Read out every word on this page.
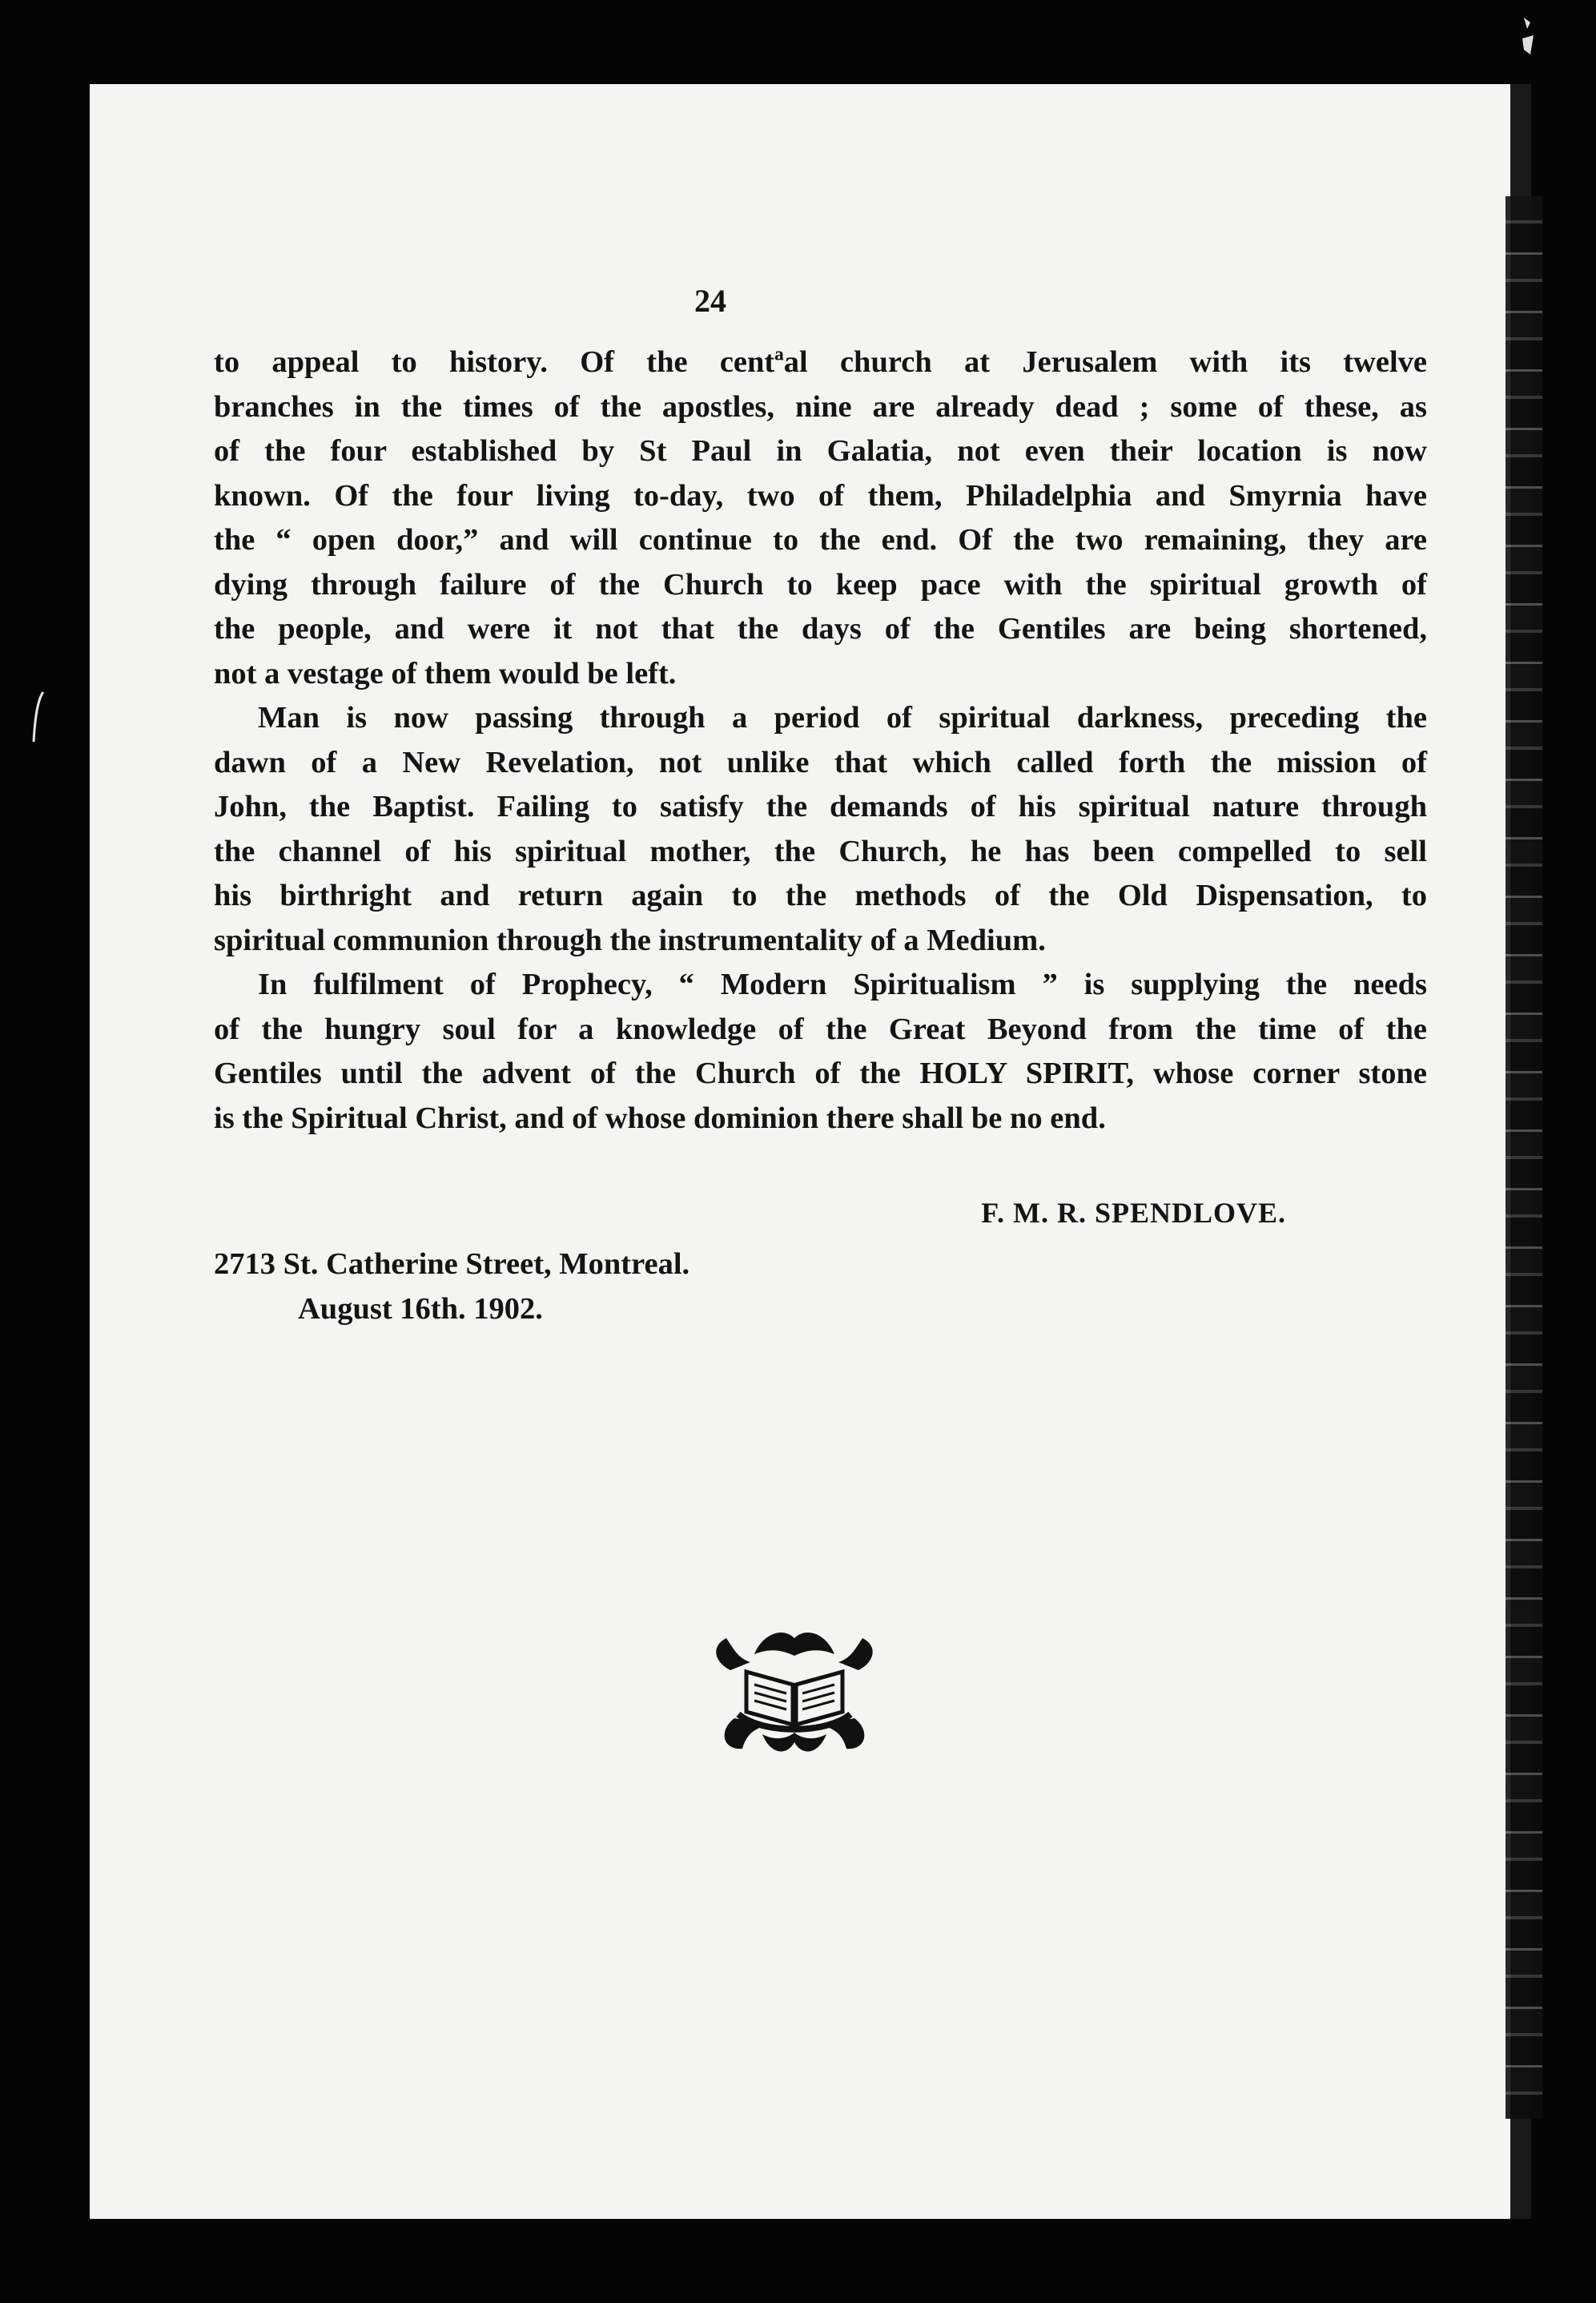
24

to appeal to history. Of the centªal church at Jerusalem with its twelve
branches in the times of the apostles, nine are already dead ; some of these, as
of the four established by St Paul in Galatia, not even their location is now
known. Of the four living to-day, two of them, Philadelphia and Smyrnia have
the “ open door,” and will continue to the end. Of the two remaining, they are
dying through failure of the Church to keep pace with the spiritual growth of
the people, and were it not that the days of the Gentiles are being shortened,
not a vestage of them would be left.

Man is now passing through a period of spiritual darkness, preceding the
dawn of a New Revelation, not unlike that which called forth the mission of
John, the Baptist. Failing to satisfy the demands of his spiritual nature through
the channel of his spiritual mother, the Church, he has been compelled to sell
his birthright and return again to the methods of the Old Dispensation, to
spiritual communion through the instrumentality of a Medium.

In fulfilment of Prophecy, “ Modern Spiritualism ” is supplying the needs
of the hungry soul for a knowledge of the Great Beyond from the time of the
Gentiles until the advent of the Church of the HOLY SPIRIT, whose corner stone
is the Spiritual Christ, and of whose dominion there shall be no end.

F. M. R. SPENDLOVE.
2713 St. Catherine Street, Montreal.
August 16th. 1902.
